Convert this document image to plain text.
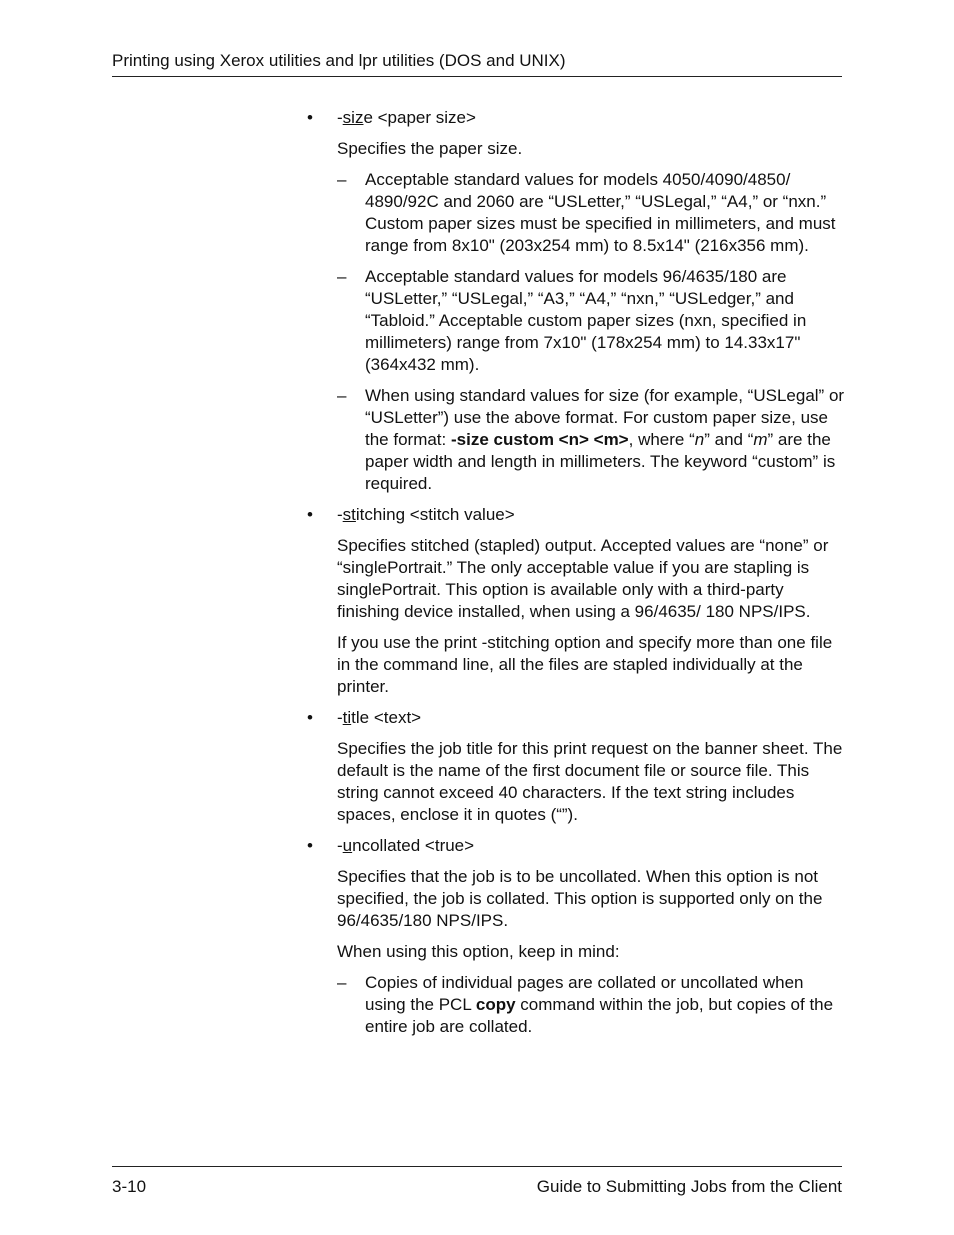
Printing using Xerox utilities and lpr utilities (DOS and UNIX)
• -size <paper size>
Specifies the paper size.
– Acceptable standard values for models 4050/4090/4850/ 4890/92C and 2060 are “USLetter,” “USLegal,” “A4,” or “nxn.” Custom paper sizes must be specified in millimeters, and must range from 8x10" (203x254 mm) to 8.5x14" (216x356 mm).
– Acceptable standard values for models 96/4635/180 are “USLetter,” “USLegal,” “A3,” “A4,” “nxn,” “USLedger,” and “Tabloid.” Acceptable custom paper sizes (nxn, specified in millimeters) range from 7x10" (178x254 mm) to 14.33x17" (364x432 mm).
– When using standard values for size (for example, “USLegal” or “USLetter”) use the above format. For custom paper size, use the format: -size custom <n> <m>, where “n” and “m” are the paper width and length in millimeters. The keyword “custom” is required.
• -stitching <stitch value>
Specifies stitched (stapled) output. Accepted values are “none” or “singlePortrait.” The only acceptable value if you are stapling is singlePortrait. This option is available only with a third-party finishing device installed, when using a 96/4635/ 180 NPS/IPS.
If you use the print -stitching option and specify more than one file in the command line, all the files are stapled individually at the printer.
• -title <text>
Specifies the job title for this print request on the banner sheet. The default is the name of the first document file or source file. This string cannot exceed 40 characters. If the text string includes spaces, enclose it in quotes (“”).
• -uncollated <true>
Specifies that the job is to be uncollated. When this option is not specified, the job is collated. This option is supported only on the 96/4635/180 NPS/IPS.
When using this option, keep in mind:
– Copies of individual pages are collated or uncollated when using the PCL copy command within the job, but copies of the entire job are collated.
3-10	Guide to Submitting Jobs from the Client
